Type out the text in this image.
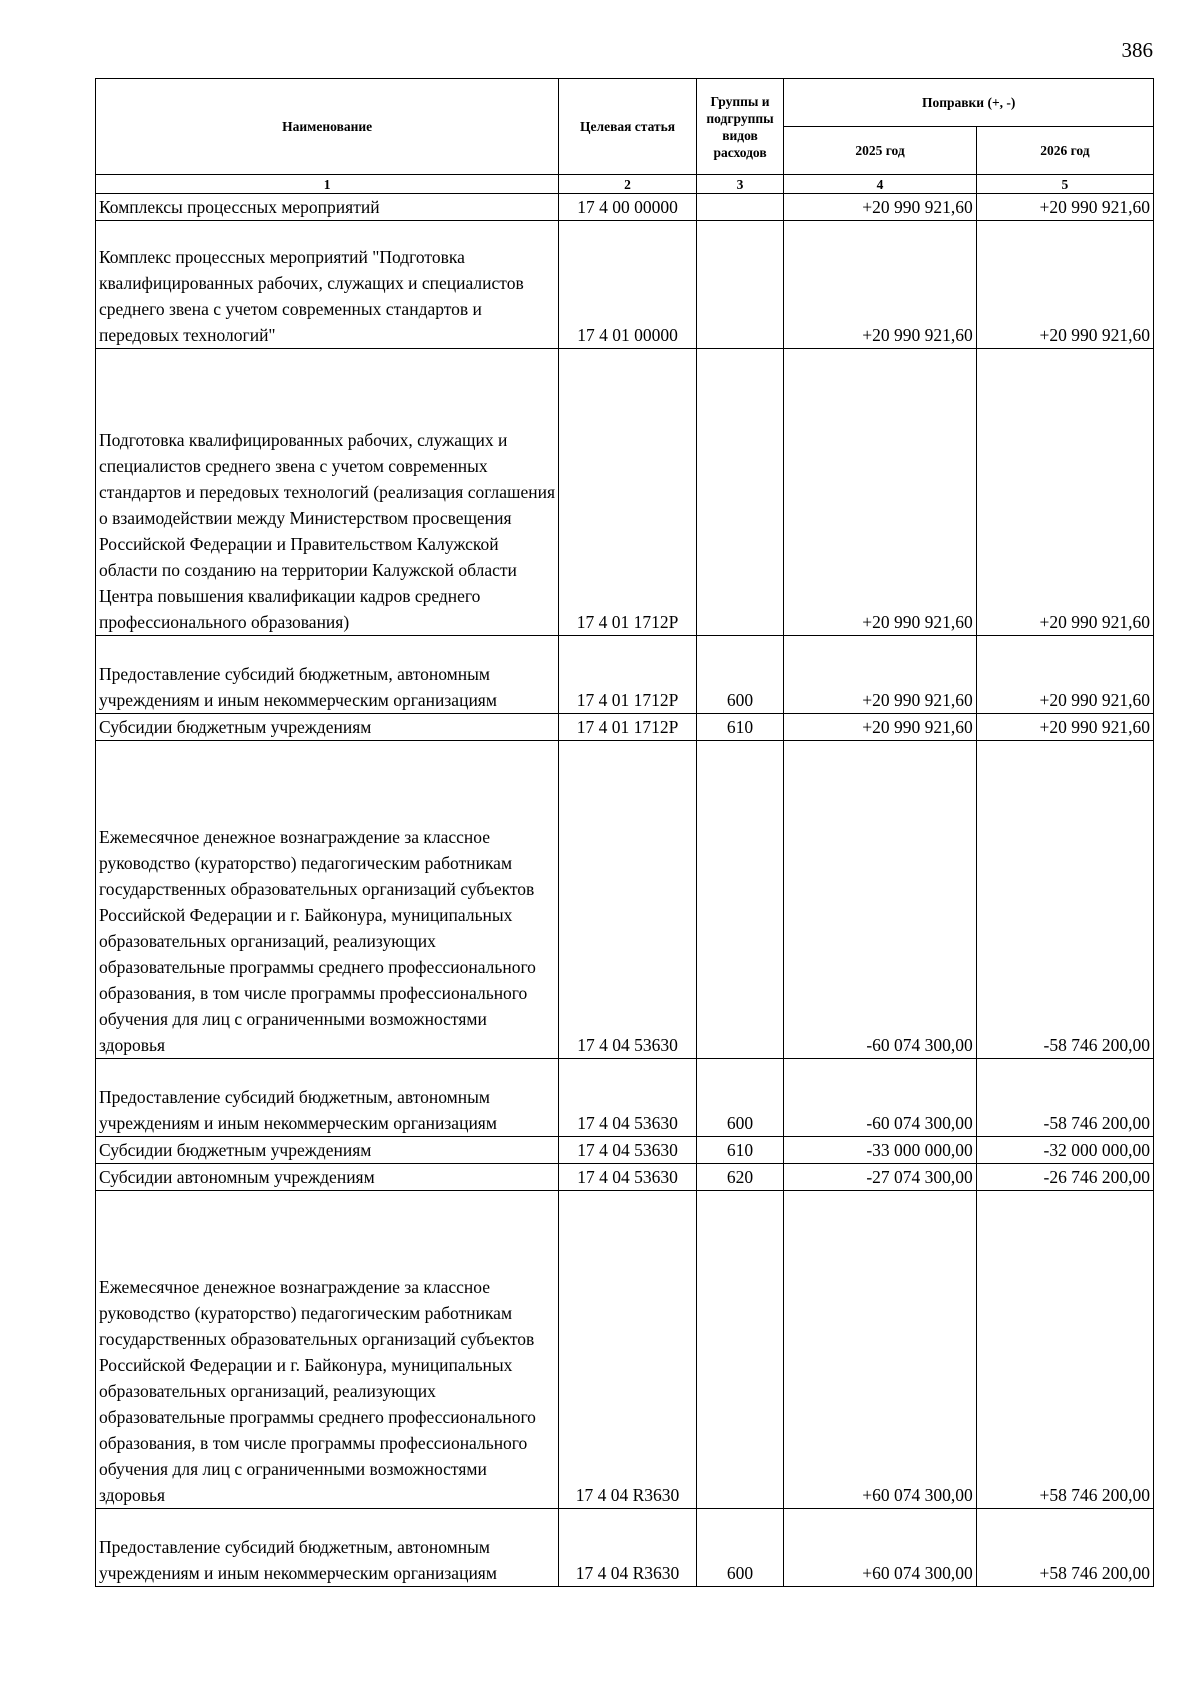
386
Наименование	Целевая статья	Группы и подгруппы видов расходов	Поправки (+, -)	
			2025 год	2026 год
1	2	3	4	5
Комплексы процессных мероприятий	17 4 00 00000		+20 990 921,60	+20 990 921,60
Комплекс процессных мероприятий "Подготовка квалифицированных рабочих, служащих и специалистов среднего звена с учетом современных стандартов и передовых технологий"	17 4 01 00000		+20 990 921,60	+20 990 921,60
Подготовка квалифицированных рабочих, служащих и специалистов среднего звена с учетом современных стандартов и передовых технологий (реализация соглашения о взаимодействии между Министерством просвещения Российской Федерации и Правительством Калужской области по созданию на территории Калужской области Центра повышения квалификации кадров среднего профессионального образования)	17 4 01 1712P		+20 990 921,60	+20 990 921,60
Предоставление субсидий бюджетным, автономным учреждениям и иным некоммерческим организациям	17 4 01 1712P	600	+20 990 921,60	+20 990 921,60
Субсидии бюджетным учреждениям	17 4 01 1712P	610	+20 990 921,60	+20 990 921,60
Ежемесячное денежное вознаграждение за классное руководство (кураторство) педагогическим работникам государственных образовательных организаций субъектов Российской Федерации и г. Байконура, муниципальных образовательных организаций, реализующих образовательные программы среднего профессионального образования, в том числе программы профессионального обучения для лиц с ограниченными возможностями здоровья	17 4 04 53630		-60 074 300,00	-58 746 200,00
Предоставление субсидий бюджетным, автономным учреждениям и иным некоммерческим организациям	17 4 04 53630	600	-60 074 300,00	-58 746 200,00
Субсидии бюджетным учреждениям	17 4 04 53630	610	-33 000 000,00	-32 000 000,00
Субсидии автономным учреждениям	17 4 04 53630	620	-27 074 300,00	-26 746 200,00
Ежемесячное денежное вознаграждение за классное руководство (кураторство) педагогическим работникам государственных образовательных организаций субъектов Российской Федерации и г. Байконура, муниципальных образовательных организаций, реализующих образовательные программы среднего профессионального образования, в том числе программы профессионального обучения для лиц с ограниченными возможностями здоровья	17 4 04 R3630		+60 074 300,00	+58 746 200,00
Предоставление субсидий бюджетным, автономным учреждениям и иным некоммерческим организациям	17 4 04 R3630	600	+60 074 300,00	+58 746 200,00
